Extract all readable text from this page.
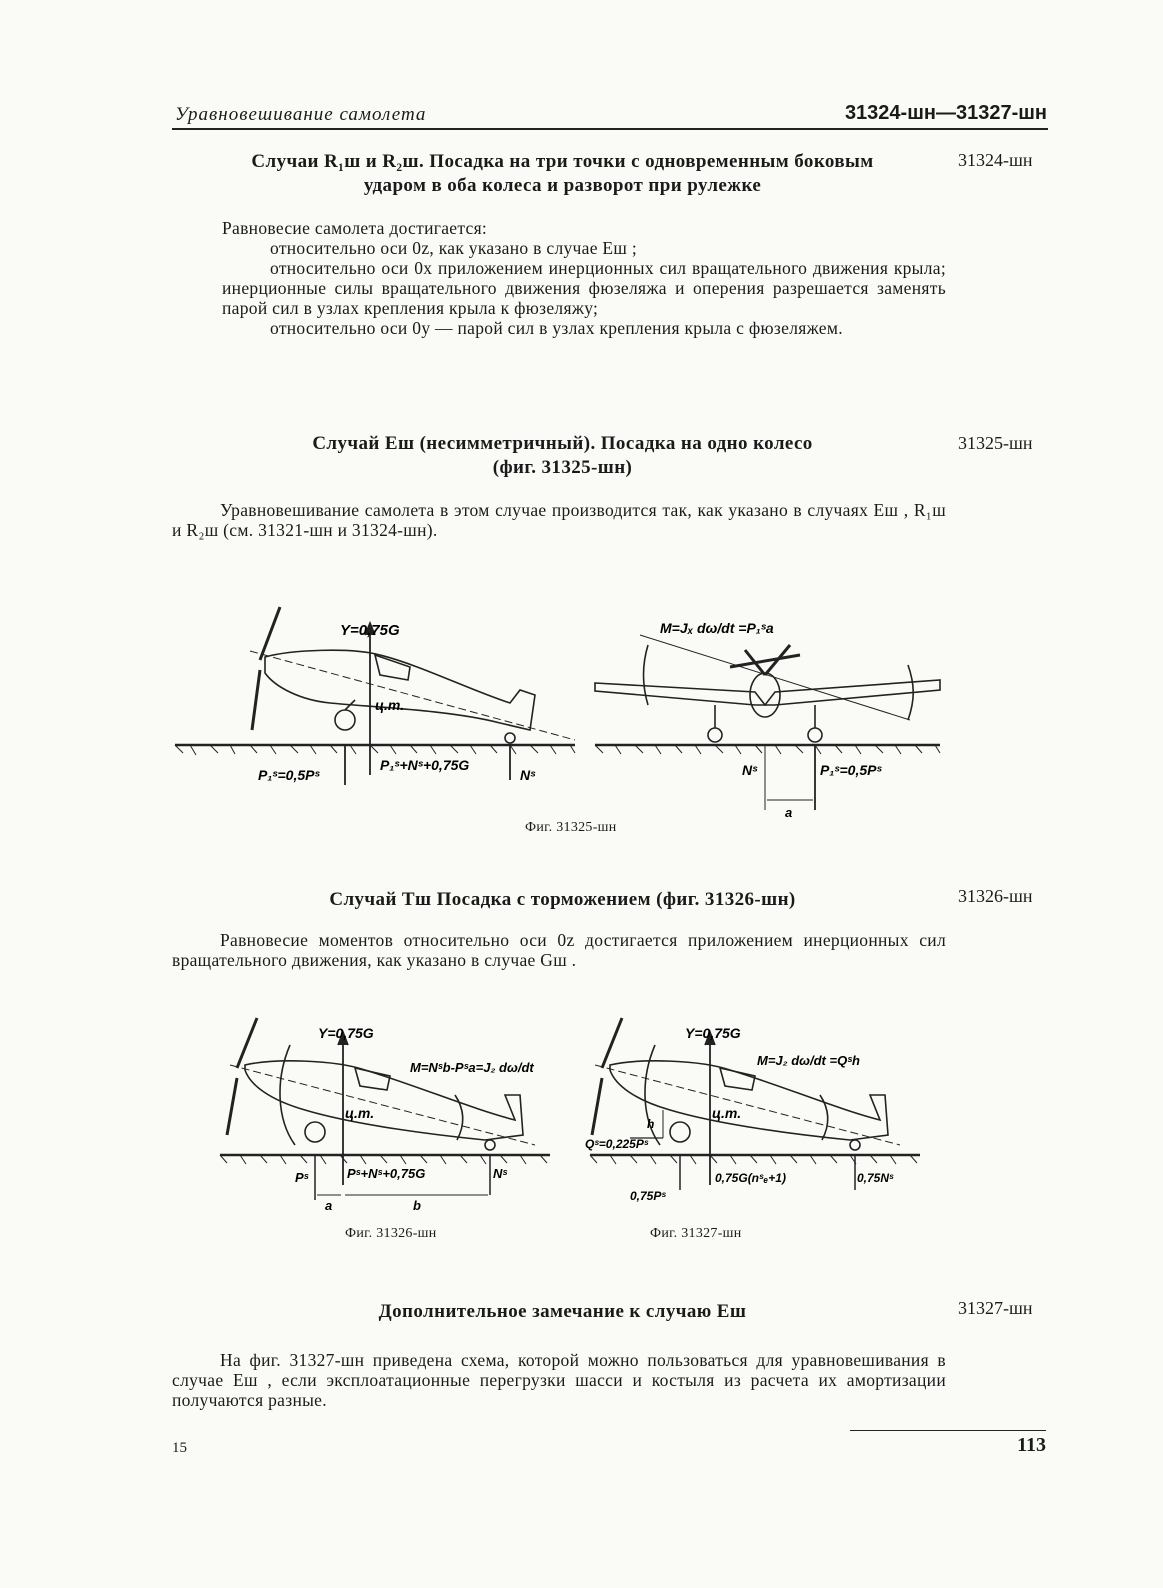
Уравновешивание самолета	31324-шн—31327-шн
Случаи R₁ш и R₂ш. Посадка на три точки с одновременным боковым
ударом в оба колеса и разворот при рулежке
31324-шн

Равновесие самолета достигается:

относительно оси 0z, как указано в случае Eш ;

относительно оси 0x приложением инерционных сил вращательного движения крыла; инерционные силы вращательного движения фюзеляжа и оперения разрешается заменять парой сил в узлах крепления крыла к фюзеляжу;

относительно оси 0y — парой сил в узлах крепления крыла с фюзеляжем.

Случай Eш (несимметричный). Посадка на одно колесо
(фиг. 31325-шн)
31325-шн

Уравновешивание самолета в этом случае производится так, как указано в случаях Eш , R₁ш и R₂ш (см. 31321-шн и 31324-шн).

Y=0,75G
ц.т.
P₁ˢ=0,5Pˢ
P₁ˢ+Nˢ+0,75G
Nˢ
M=Jₓ dω/dt =P₁ˢa
Nˢ	P₁ˢ=0,5Pˢ
a
Фиг. 31325-шн
Случай Tш Посадка с торможением (фиг. 31326-шн)	31326-шн

Равновесие моментов относительно оси 0z достигается приложением инерционных сил вращательного движения, как указано в случае Gш .

Y=0,75G
M=Nˢb-Pˢa=J₂ dω/dt
ц.т.
Pˢ	Pˢ+Nˢ+0,75G	Nˢ
a	b
Фиг. 31326-шн
Y=0,75G
M=J₂ dω/dt =Qˢh
ц.т.
Qˢ=0,225Pˢ
h
0,75Pˢ
0,75G(nˢₑ+1)	0,75Nˢ
Фиг. 31327-шн
Дополнительное замечание к случаю Eш	31327-шн

На фиг. 31327-шн приведена схема, которой можно пользоваться для уравновешивания в случае Eш , если эксплоатационные перегрузки шасси и костыля из расчета их амортизации получаются разные.

15	113
